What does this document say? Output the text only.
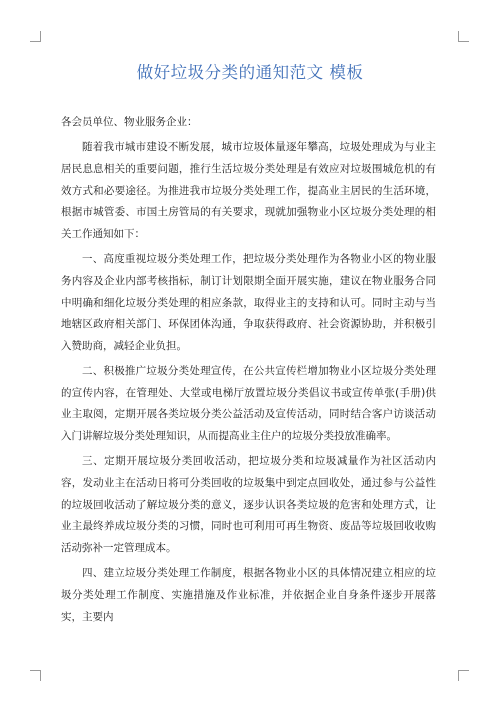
做好垃圾分类的通知范文 模板

各会员单位、物业服务企业：

随着我市城市建设不断发展，城市垃圾体量逐年攀高，垃圾处理成为与业主居民息息相关的重要问题，推行生活垃圾分类处理是有效应对垃圾围城危机的有效方式和必要途径。为推进我市垃圾分类处理工作，提高业主居民的生活环境，根据市城管委、市国土房管局的有关要求，现就加强物业小区垃圾分类处理的相关工作通知如下：

一、高度重视垃圾分类处理工作，把垃圾分类处理作为各物业小区的物业服务内容及企业内部考核指标，制订计划限期全面开展实施，建议在物业服务合同中明确和细化垃圾分类处理的相应条款，取得业主的支持和认可。同时主动与当地辖区政府相关部门、环保团体沟通，争取获得政府、社会资源协助，并积极引入赞助商，减轻企业负担。

二、积极推广垃圾分类处理宣传，在公共宣传栏增加物业小区垃圾分类处理的宣传内容，在管理处、大堂或电梯厅放置垃圾分类倡议书或宣传单张(手册)供业主取阅，定期开展各类垃圾分类公益活动及宣传活动，同时结合客户访谈活动入门讲解垃圾分类处理知识，从而提高业主住户的垃圾分类投放准确率。

三、定期开展垃圾分类回收活动，把垃圾分类和垃圾减量作为社区活动内容，发动业主在活动日将可分类回收的垃圾集中到定点回收处，通过参与公益性的垃圾回收活动了解垃圾分类的意义，逐步认识各类垃圾的危害和处理方式，让业主最终养成垃圾分类的习惯，同时也可利用可再生物资、废品等垃圾回收收购活动弥补一定管理成本。

四、建立垃圾分类处理工作制度，根据各物业小区的具体情况建立相应的垃圾分类处理工作制度、实施措施及作业标准，并依据企业自身条件逐步开展落实，主要内
